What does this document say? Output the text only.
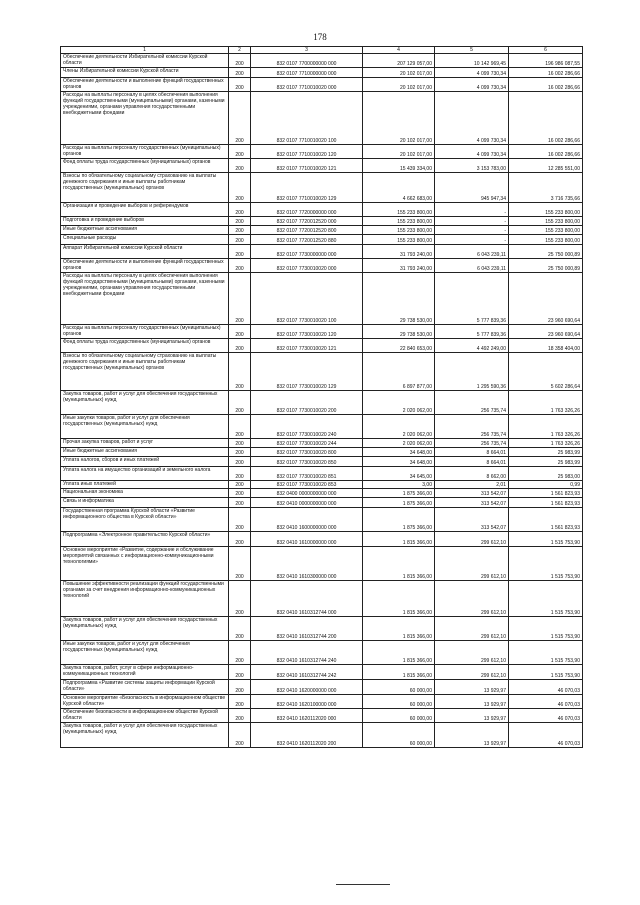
178
1	2	3	4	5	6
Обеспечение деятельности Избирательной комиссии Курской области	200	832 0107 7700000000 000	207 129 057,00	10 142 969,45	196 986 087,55
Члены Избирательной комиссии Курской области	200	832 0107 7710000000 000	20 102 017,00	4 099 730,34	16 002 286,66
Обеспечение деятельности и выполнение функций государственных органов	200	832 0107 7710010020 000	20 102 017,00	4 099 730,34	16 002 286,66
Расходы на выплаты персоналу в целях обеспечения выполнения функций государственными (муниципальными) органами, казенными учреждениями, органами управления государственными внебюджетными фондами	200	832 0107 7710010020 100	20 102 017,00	4 099 730,34	16 002 286,66
Расходы на выплаты персоналу государственных (муниципальных) органов	200	832 0107 7710010020 120	20 102 017,00	4 099 730,34	16 002 286,66
Фонд оплаты труда государственных (муниципальных) органов	200	832 0107 7710010020 121	15 439 334,00	3 153 783,00	12 285 551,00
Взносы по обязательному социальному страхованию на выплаты денежного содержания и иные выплаты работникам государственных (муниципальных) органов	200	832 0107 7710010020 129	4 662 683,00	945 947,34	3 716 735,66
Организация и проведение выборов и референдумов	200	832 0107 7720000000 000	155 233 800,00	-	155 233 800,00
Подготовка и проведение выборов	200	832 0107 7720012520 000	155 233 800,00	-	155 233 800,00
Иные бюджетные ассигнования	200	832 0107 7720012520 800	155 233 800,00	-	155 233 800,00
Специальные расходы	200	832 0107 7720012520 880	155 233 800,00	-	155 233 800,00
Аппарат Избирательной комиссии Курской области	200	832 0107 7730000000 000	31 793 240,00	6 043 239,11	25 750 000,89
Обеспечение деятельности и выполнение функций государственных органов	200	832 0107 7730010020 000	31 793 240,00	6 043 239,11	25 750 000,89
Расходы на выплаты персоналу в целях обеспечения выполнения функций государственными (муниципальными) органами, казенными учреждениями, органами управления государственными внебюджетными фондами	200	832 0107 7730010020 100	29 738 530,00	5 777 839,36	23 960 690,64
Расходы на выплаты персоналу государственных (муниципальных) органов	200	832 0107 7730010020 120	29 738 530,00	5 777 839,36	23 960 690,64
Фонд оплаты труда государственных (муниципальных) органов	200	832 0107 7730010020 121	22 840 653,00	4 492 249,00	18 358 404,00
Взносы по обязательному социальному страхованию на выплаты денежного содержания и иные выплаты работникам государственных (муниципальных) органов	200	832 0107 7730010020 129	6 897 877,00	1 295 590,36	5 602 286,64
Закупка товаров, работ и услуг для обеспечения государственных (муниципальных) нужд	200	832 0107 7730010020 200	2 020 062,00	256 735,74	1 763 326,26
Иные закупки товаров, работ и услуг для обеспечения государственных (муниципальных) нужд	200	832 0107 7730010020 240	2 020 062,00	256 735,74	1 763 326,26
Прочая закупка товаров, работ и услуг	200	832 0107 7730010020 244	2 020 062,00	256 735,74	1 763 326,26
Иные бюджетные ассигнования	200	832 0107 7730010020 800	34 648,00	8 664,01	25 983,99
Уплата налогов, сборов и иных платежей	200	832 0107 7730010020 850	34 648,00	8 664,01	25 983,99
Уплата налога на имущество организаций и земельного налога	200	832 0107 7730010020 851	34 645,00	8 662,00	25 983,00
Уплата иных платежей	200	832 0107 7730010020 853	3,00	2,01	0,99
Национальная экономика	200	832 0400 0000000000 000	1 875 366,00	313 542,07	1 561 823,93
Связь и информатика	200	832 0410 0000000000 000	1 875 366,00	313 542,07	1 561 823,93
Государственная программа Курской области «Развитие информационного общества в Курской области»	200	832 0410 1600000000 000	1 875 366,00	313 542,07	1 561 823,93
Подпрограмма «Электронное правительство Курской области»	200	832 0410 1610000000 000	1 815 366,00	299 612,10	1 515 753,90
Основное мероприятие «Развитие, содержание и обслуживание мероприятий связанных с информационно-коммуникационными технологиями»	200	832 0410 1610300000 000	1 815 366,00	299 612,10	1 515 753,90
Повышение эффективности реализации функций государственными органами за счет внедрения информационно-коммуникационных технологий	200	832 0410 1610312744 000	1 815 366,00	299 612,10	1 515 753,90
Закупка товаров, работ и услуг для обеспечения государственных (муниципальных) нужд	200	832 0410 1610312744 200	1 815 366,00	299 612,10	1 515 753,90
Иные закупки товаров, работ и услуг для обеспечения государственных (муниципальных) нужд	200	832 0410 1610312744 240	1 815 366,00	299 612,10	1 515 753,90
Закупка товаров, работ, услуг в сфере информационно-коммуникационных технологий	200	832 0410 1610312744 242	1 815 366,00	299 612,10	1 515 753,90
Подпрограмма «Развитие системы защиты информации Курской области»	200	832 0410 1620000000 000	60 000,00	13 929,97	46 070,03
Основное мероприятие «Безопасность в информационном обществе Курской области»	200	832 0410 1620100000 000	60 000,00	13 929,97	46 070,03
Обеспечение безопасности в информационном обществе Курской области	200	832 0410 1620112020 000	60 000,00	13 929,97	46 070,03
Закупка товаров, работ и услуг для обеспечения государственных (муниципальных) нужд	200	832 0410 1620112020 200	60 000,00	13 929,97	46 070,03
